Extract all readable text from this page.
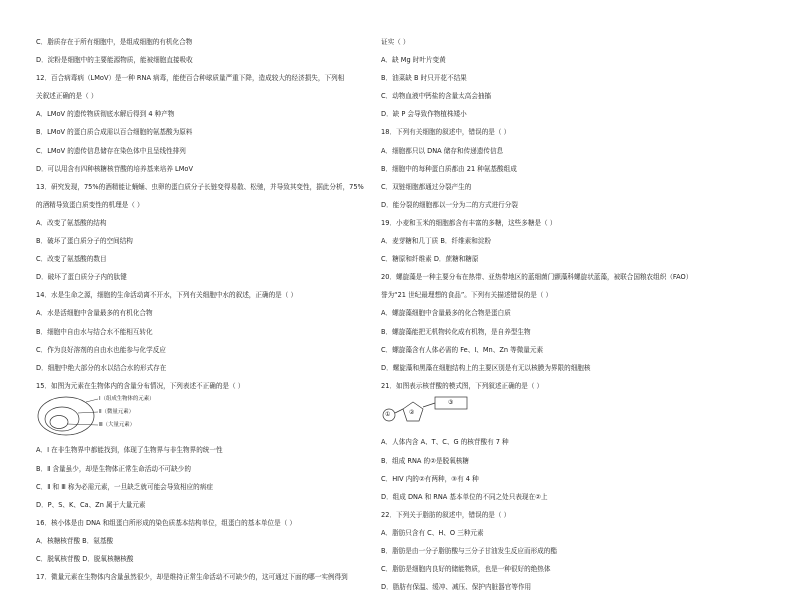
C．脂质存在于所有细胞中，是组成细胞的有机化合物

D．淀粉是细胞中的主要能源物质，能被细胞直接吸收

12．百合病毒病（LMoV）是一种 RNA 病毒，能使百合种球质量严重下降，造成较大的经济损失，下列相

关叙述正确的是（ ）

A．LMoV 的遗传物质彻底水解后得到 4 种产物

B．LMoV 的蛋白质合成需以百合细胞的氨基酸为原料

C．LMoV 的遗传信息储存在染色体中且呈线性排列

D．可以用含有四种核糖核苷酸的培养基来培养 LMoV

13．研究发现，75%的酒精能让蛹蛹、虫卵的蛋白质分子长链变得易散、松驰，并导致其变性，据此分析，75%

的酒精导致蛋白质变性的机理是（ ）

A．改变了氨基酸的结构

B．破坏了蛋白质分子的空间结构

C．改变了氨基酸的数目

D．破坏了蛋白质分子内的肽键

14．水是生命之源，细胞的生命活动离不开水，下列有关细胞中水的叙述，正确的是（ ）

A．水是活细胞中含量最多的有机化合物

B．细胞中自由水与结合水不能相互转化

C．作为良好溶剂的自由水也能参与化学反应

D．细胞中绝大部分的水以结合水的形式存在

15．如图为元素在生物体内的含量分布情况，下列表述不正确的是（ ）

Ⅰ（组成生物体的元素）
Ⅱ（微量元素）
Ⅲ（大量元素）

A．Ⅰ 在非生物界中都能找到，体现了生物界与非生物界的统一性

B．Ⅱ 含量虽少，却是生物体正常生命活动不可缺少的

C．Ⅱ 和 Ⅲ 称为必需元素，一旦缺乏就可能会导致相应的病症

D．P、S、K、Ca、Zn 属于大量元素

16．核小体是由 DNA 和组蛋白所形成的染色质基本结构单位，组蛋白的基本单位是（ ）

A．核糖核苷酸 B．氨基酸

C．脱氧核苷酸 D．脱氧核糖核酸

17．微量元素在生物体内含量虽然很少，却是维持正常生命活动不可缺少的，这可通过下面的哪一实例得到

证实（ ）

A．缺 Mg 时叶片变黄

B．油菜缺 B 时只开花不结果

C．动物血液中钙盐的含量太高会抽搐

D．缺 P 会导致作物植株矮小

18．下列有关细胞的叙述中，错误的是（ ）

A．细胞都只以 DNA 储存和传递遗传信息

B．细胞中的每种蛋白质都由 21 种氨基酸组成

C．双链细胞都通过分裂产生的

D．能分裂的细胞都以一分为二的方式进行分裂

19．小麦和玉米的细胞都含有丰富的多糖，这些多糖是（ ）

A．麦芽糖和几丁质 B．纤维素和淀粉

C．糖原和纤维素 D．蔗糖和糖原

20．螺旋藻是一种主要分布在热带、亚热带地区的蓝细菌门颤藻科螺旋状蓝藻，被联合国粮农组织（FAO）

誉为“21 世纪最理想的食品”。下列有关描述错误的是（ ）

A．螺旋藻细胞中含量最多的化合物是蛋白质

B．螺旋藻能把无机物转化成有机物，是自养型生物

C．螺旋藻含有人体必需的 Fe、I、Mn、Zn 等微量元素

D．螺旋藻和黑藻在细胞结构上的主要区别是有无以核膜为界限的细胞核

21．如图表示核苷酸的模式图，下列叙述正确的是（ ）

①	②
③

A．人体内含 A、T、C、G 的核苷酸有 7 种

B．组成 RNA 的②是脱氧核糖

C．HIV 内的②有两种，③有 4 种

D．组成 DNA 和 RNA 基本单位的不同之处只表现在②上

22．下列关于脂肪的叙述中，错误的是（ ）

A．脂肪只含有 C、H、O 三种元素

B．脂肪是由一分子脂肪酸与三分子甘油发生反应而形成的酯

C．脂肪是细胞内良好的储能物质，也是一种很好的绝热体

D．脂肪有保温、缓冲、减压、保护内脏器官等作用
